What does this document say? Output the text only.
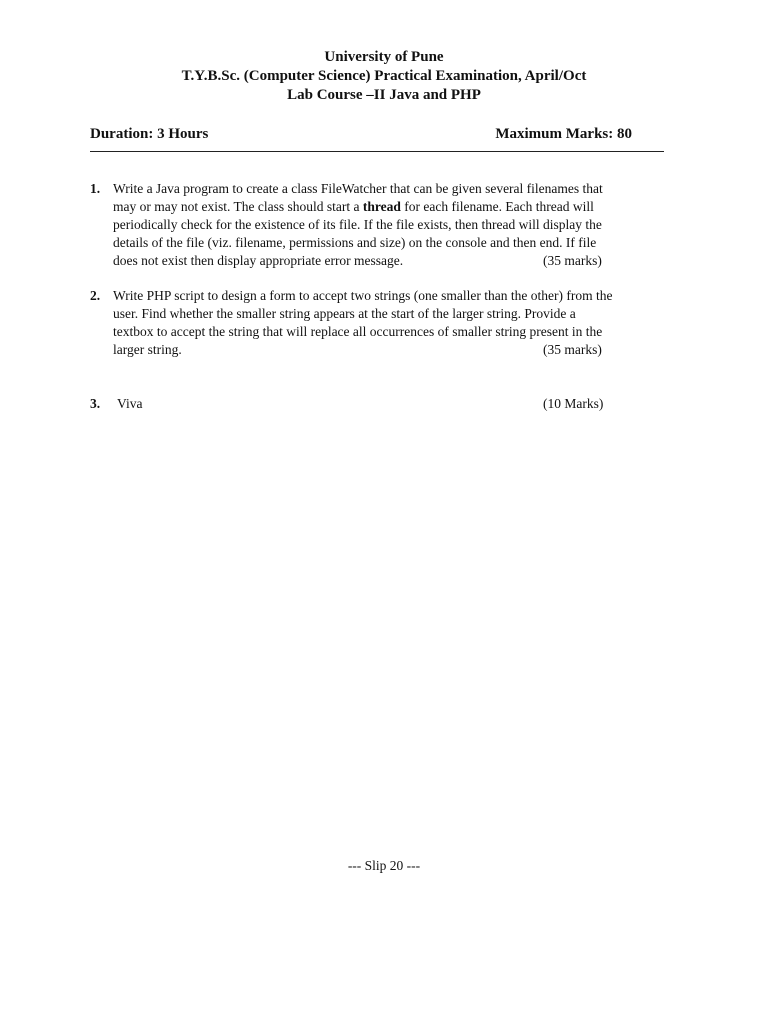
University of Pune
T.Y.B.Sc. (Computer Science) Practical Examination, April/Oct
Lab Course –II Java and PHP
Duration: 3 Hours	Maximum Marks: 80
1. Write a Java program to create a class FileWatcher that can be given several filenames that
may or may not exist. The class should start a thread for each filename. Each thread will
periodically check for the existence of its file. If the file exists, then thread will display the
details of the file (viz. filename, permissions and size) on the console and then end. If file
does not exist then display appropriate error message.	(35 marks)
2. Write PHP script to design a form to accept two strings (one smaller than the other) from the
user. Find whether the smaller string appears at the start of the larger string. Provide a
textbox to accept the string that will replace all occurrences of smaller string present in the
larger string.	(35 marks)
3. Viva	(10 Marks)
--- Slip 20 ---
